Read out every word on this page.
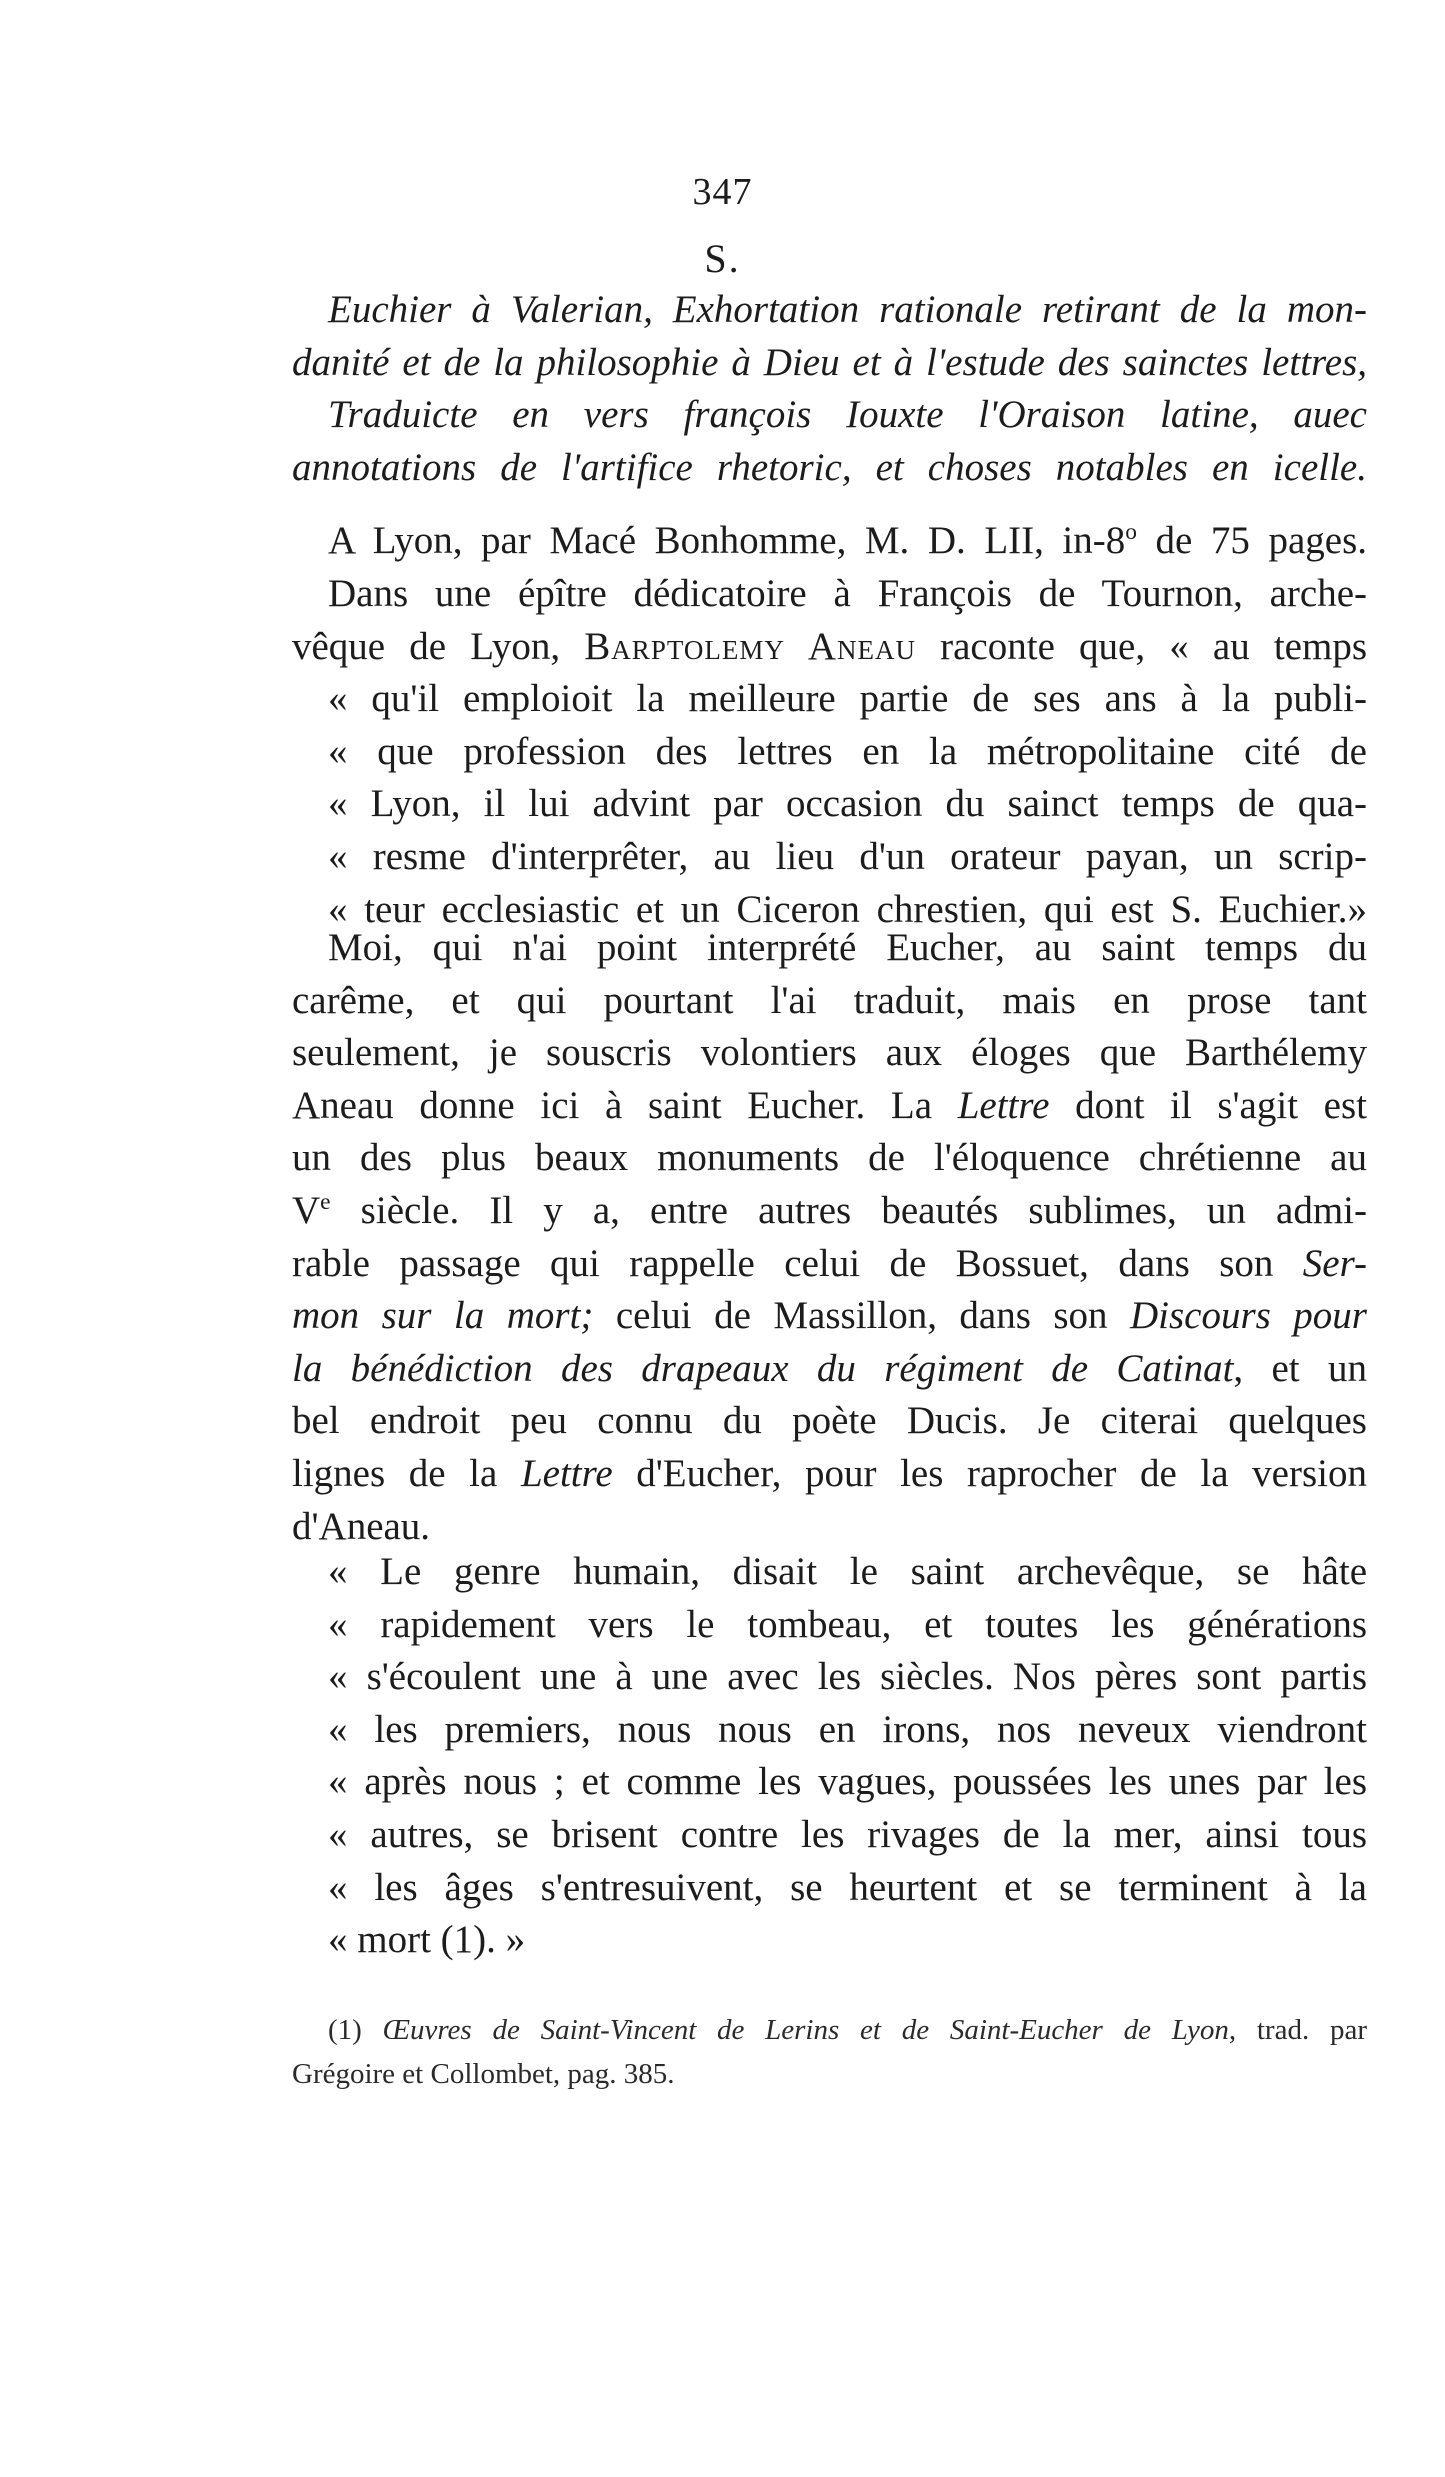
347
S.
Euchier à Valerian, Exhortation rationale retirant de la mon-
danité et de la philosophie à Dieu et à l'estude des sainctes lettres,
Traduicte en vers françois Iouxte l'Oraison latine, auec
annotations de l'artifice rhetoric, et choses notables en icelle.
A Lyon, par Macé Bonhomme, M. D. LII, in-8$^o$ de 75 pages.
Dans une épître dédicatoire à François de Tournon, arche-
vêque de Lyon, Barptolemy Aneau raconte que, « au temps
« qu'il emploioit la meilleure partie de ses ans à la publi-
« que profession des lettres en la métropolitaine cité de
« Lyon, il lui advint par occasion du sainct temps de qua-
« resme d'interprêter, au lieu d'un orateur payan, un scrip-
« teur ecclesiastic et un Ciceron chrestien, qui est S. Euchier.»
Moi, qui n'ai point interprété Eucher, au saint temps du
carême, et qui pourtant l'ai traduit, mais en prose tant
seulement, je souscris volontiers aux éloges que Barthélemy
Aneau donne ici à saint Eucher. La Lettre dont il s'agit est
un des plus beaux monuments de l'éloquence chrétienne au
Ve siècle. Il y a, entre autres beautés sublimes, un admi-
rable passage qui rappelle celui de Bossuet, dans son Ser-
mon sur la mort; celui de Massillon, dans son Discours pour
la bénédiction des drapeaux du régiment de Catinat, et un
bel endroit peu connu du poète Ducis. Je citerai quelques
lignes de la Lettre d'Eucher, pour les raprocher de la version
d'Aneau.
« Le genre humain, disait le saint archevêque, se hâte
« rapidement vers le tombeau, et toutes les générations
« s'écoulent une à une avec les siècles. Nos pères sont partis
« les premiers, nous nous en irons, nos neveux viendront
« après nous ; et comme les vagues, poussées les unes par les
« autres, se brisent contre les rivages de la mer, ainsi tous
« les âges s'entresuivent, se heurtent et se terminent à la
« mort (1). »
(1) Œuvres de Saint-Vincent de Lerins et de Saint-Eucher de Lyon, trad. par
Grégoire et Collombet, pag. 385.
